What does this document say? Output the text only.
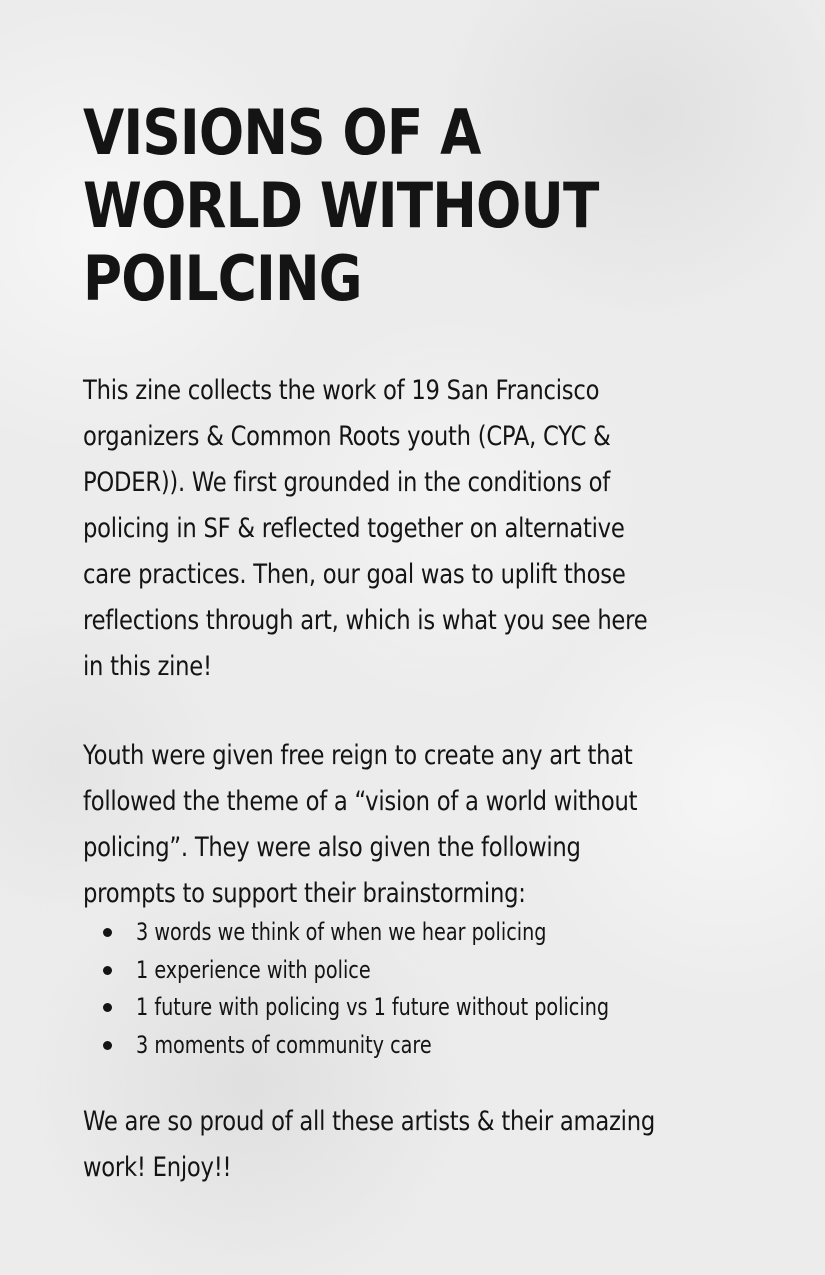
VISIONS OF A
WORLD WITHOUT
POILCING
This zine collects the work of 19 San Francisco
organizers & Common Roots youth (CPA, CYC &
PODER)). We first grounded in the conditions of
policing in SF & reflected together on alternative
care practices. Then, our goal was to uplift those
reflections through art, which is what you see here
in this zine!
Youth were given free reign to create any art that
followed the theme of a “vision of a world without
policing”. They were also given the following
prompts to support their brainstorming:
3 words we think of when we hear policing
1 experience with police
1 future with policing vs 1 future without policing
3 moments of community care
We are so proud of all these artists & their amazing
work! Enjoy!!
